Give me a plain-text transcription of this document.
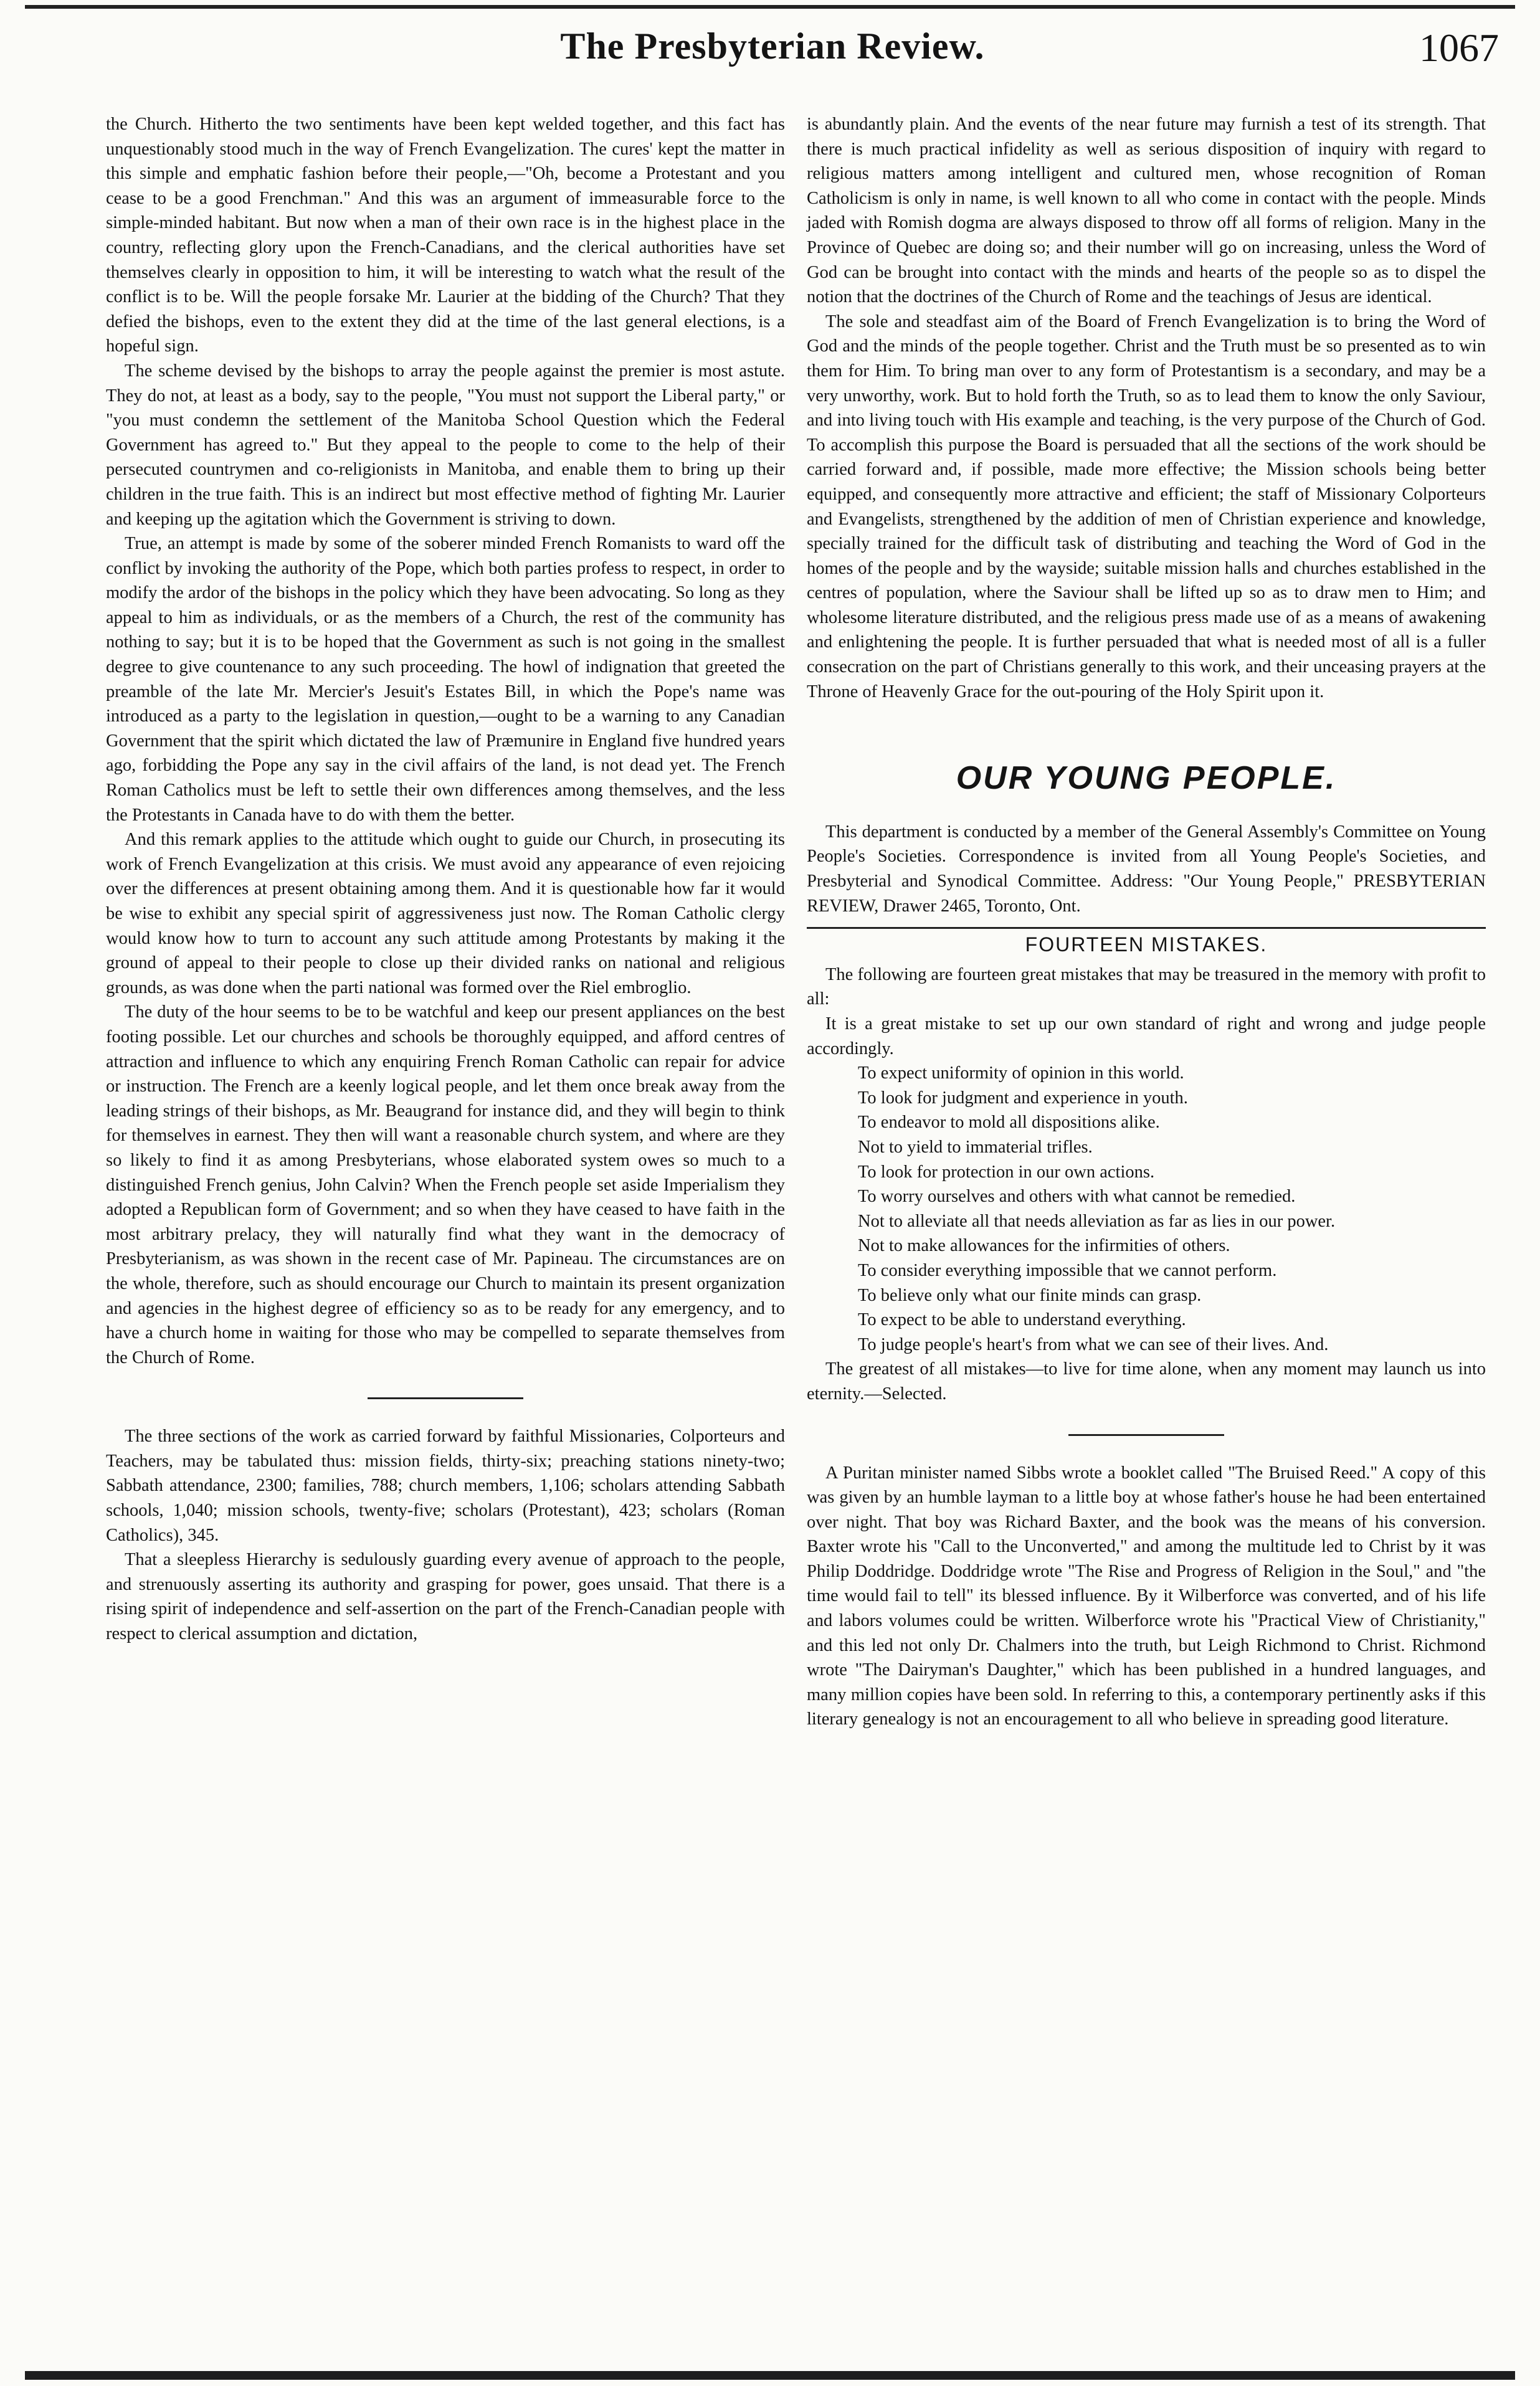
The Presbyterian Review.	1067

the Church. Hitherto the two sentiments have been kept welded together, and this fact has unquestionably stood much in the way of French Evangelization. The cures' kept the matter in this simple and emphatic fashion before their people,—"Oh, become a Protestant and you cease to be a good Frenchman." And this was an argument of immeasurable force to the simple-minded habitant. But now when a man of their own race is in the highest place in the country, reflecting glory upon the French-Canadians, and the clerical authorities have set themselves clearly in opposition to him, it will be interesting to watch what the result of the conflict is to be. Will the people forsake Mr. Laurier at the bidding of the Church? That they defied the bishops, even to the extent they did at the time of the last general elections, is a hopeful sign.

The scheme devised by the bishops to array the people against the premier is most astute. They do not, at least as a body, say to the people, "You must not support the Liberal party," or "you must condemn the settlement of the Manitoba School Question which the Federal Government has agreed to." But they appeal to the people to come to the help of their persecuted countrymen and co-religionists in Manitoba, and enable them to bring up their children in the true faith. This is an indirect but most effective method of fighting Mr. Laurier and keeping up the agitation which the Government is striving to down.

True, an attempt is made by some of the soberer minded French Romanists to ward off the conflict by invoking the authority of the Pope, which both parties profess to respect, in order to modify the ardor of the bishops in the policy which they have been advocating. So long as they appeal to him as individuals, or as the members of a Church, the rest of the community has nothing to say; but it is to be hoped that the Government as such is not going in the smallest degree to give countenance to any such proceeding. The howl of indignation that greeted the preamble of the late Mr. Mercier's Jesuit's Estates Bill, in which the Pope's name was introduced as a party to the legislation in question,—ought to be a warning to any Canadian Government that the spirit which dictated the law of Præmunire in England five hundred years ago, forbidding the Pope any say in the civil affairs of the land, is not dead yet. The French Roman Catholics must be left to settle their own differences among themselves, and the less the Protestants in Canada have to do with them the better.

And this remark applies to the attitude which ought to guide our Church, in prosecuting its work of French Evangelization at this crisis. We must avoid any appearance of even rejoicing over the differences at present obtaining among them. And it is questionable how far it would be wise to exhibit any special spirit of aggressiveness just now. The Roman Catholic clergy would know how to turn to account any such attitude among Protestants by making it the ground of appeal to their people to close up their divided ranks on national and religious grounds, as was done when the parti national was formed over the Riel embroglio.

The duty of the hour seems to be to be watchful and keep our present appliances on the best footing possible. Let our churches and schools be thoroughly equipped, and afford centres of attraction and influence to which any enquiring French Roman Catholic can repair for advice or instruction. The French are a keenly logical people, and let them once break away from the leading strings of their bishops, as Mr. Beaugrand for instance did, and they will begin to think for themselves in earnest. They then will want a reasonable church system, and where are they so likely to find it as among Presbyterians, whose elaborated system owes so much to a distinguished French genius, John Calvin? When the French people set aside Imperialism they adopted a Republican form of Government; and so when they have ceased to have faith in the most arbitrary prelacy, they will naturally find what they want in the democracy of Presbyterianism, as was shown in the recent case of Mr. Papineau. The circumstances are on the whole, therefore, such as should encourage our Church to maintain its present organization and agencies in the highest degree of efficiency so as to be ready for any emergency, and to have a church home in waiting for those who may be compelled to separate themselves from the Church of Rome.

The three sections of the work as carried forward by faithful Missionaries, Colporteurs and Teachers, may be tabulated thus: mission fields, thirty-six; preaching stations ninety-two; Sabbath attendance, 2300; families, 788; church members, 1,106; scholars attending Sabbath schools, 1,040; mission schools, twenty-five; scholars (Protestant), 423; scholars (Roman Catholics), 345.

That a sleepless Hierarchy is sedulously guarding every avenue of approach to the people, and strenuously asserting its authority and grasping for power, goes unsaid. That there is a rising spirit of independence and self-assertion on the part of the French-Canadian people with respect to clerical assumption and dictation,

is abundantly plain. And the events of the near future may furnish a test of its strength. That there is much practical infidelity as well as serious disposition of inquiry with regard to religious matters among intelligent and cultured men, whose recognition of Roman Catholicism is only in name, is well known to all who come in contact with the people. Minds jaded with Romish dogma are always disposed to throw off all forms of religion. Many in the Province of Quebec are doing so; and their number will go on increasing, unless the Word of God can be brought into contact with the minds and hearts of the people so as to dispel the notion that the doctrines of the Church of Rome and the teachings of Jesus are identical.

The sole and steadfast aim of the Board of French Evangelization is to bring the Word of God and the minds of the people together. Christ and the Truth must be so presented as to win them for Him. To bring man over to any form of Protestantism is a secondary, and may be a very unworthy, work. But to hold forth the Truth, so as to lead them to know the only Saviour, and into living touch with His example and teaching, is the very purpose of the Church of God. To accomplish this purpose the Board is persuaded that all the sections of the work should be carried forward and, if possible, made more effective; the Mission schools being better equipped, and consequently more attractive and efficient; the staff of Missionary Colporteurs and Evangelists, strengthened by the addition of men of Christian experience and knowledge, specially trained for the difficult task of distributing and teaching the Word of God in the homes of the people and by the wayside; suitable mission halls and churches established in the centres of population, where the Saviour shall be lifted up so as to draw men to Him; and wholesome literature distributed, and the religious press made use of as a means of awakening and enlightening the people. It is further persuaded that what is needed most of all is a fuller consecration on the part of Christians generally to this work, and their unceasing prayers at the Throne of Heavenly Grace for the out-pouring of the Holy Spirit upon it.

OUR YOUNG PEOPLE.

This department is conducted by a member of the General Assembly's Committee on Young People's Societies. Correspondence is invited from all Young People's Societies, and Presbyterial and Synodical Committee. Address: "Our Young People," PRESBYTERIAN REVIEW, Drawer 2465, Toronto, Ont.

FOURTEEN MISTAKES.

The following are fourteen great mistakes that may be treasured in the memory with profit to all:

It is a great mistake to set up our own standard of right and wrong and judge people accordingly.

To expect uniformity of opinion in this world.

To look for judgment and experience in youth.

To endeavor to mold all dispositions alike.

Not to yield to immaterial trifles.

To look for protection in our own actions.

To worry ourselves and others with what cannot be remedied.

Not to alleviate all that needs alleviation as far as lies in our power.

Not to make allowances for the infirmities of others.

To consider everything impossible that we cannot perform.

To believe only what our finite minds can grasp.

To expect to be able to understand everything.

To judge people's heart's from what we can see of their lives. And.

The greatest of all mistakes—to live for time alone, when any moment may launch us into eternity.—Selected.

A Puritan minister named Sibbs wrote a booklet called "The Bruised Reed." A copy of this was given by an humble layman to a little boy at whose father's house he had been entertained over night. That boy was Richard Baxter, and the book was the means of his conversion. Baxter wrote his "Call to the Unconverted," and among the multitude led to Christ by it was Philip Doddridge. Doddridge wrote "The Rise and Progress of Religion in the Soul," and "the time would fail to tell" its blessed influence. By it Wilberforce was converted, and of his life and labors volumes could be written. Wilberforce wrote his "Practical View of Christianity," and this led not only Dr. Chalmers into the truth, but Leigh Richmond to Christ. Richmond wrote "The Dairyman's Daughter," which has been published in a hundred languages, and many million copies have been sold. In referring to this, a contemporary pertinently asks if this literary genealogy is not an encouragement to all who believe in spreading good literature.
